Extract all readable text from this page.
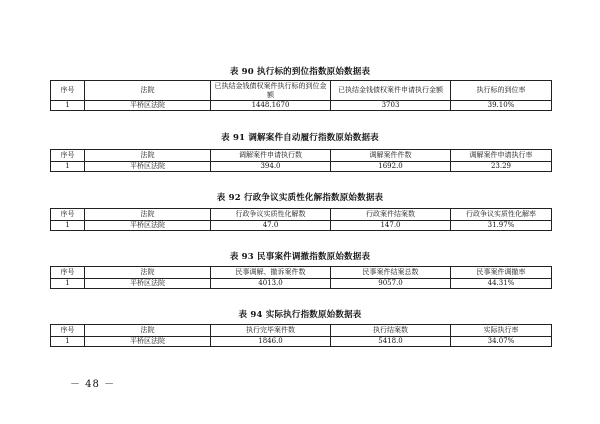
表 90 执行标的到位指数原始数据表
序号	法院	已执结金钱债权案件执行标的到位金额	已执结金钱债权案件申请执行金额	执行标的到位率
1	平桥区法院	1448.1670	3703	39.10%
表 91 调解案件自动履行指数原始数据表
序号	法院	调解案件申请执行数	调解案件件数	调解案件申请执行率
1	平桥区法院	394.0	1692.0	23.29
表 92 行政争议实质性化解指数原始数据表
序号	法院	行政争议实质性化解数	行政案件结案数	行政争议实质性化解率
1	平桥区法院	47.0	147.0	31.97%
表 93 民事案件调撤指数原始数据表
序号	法院	民事调解、撤诉案件数	民事案件结案总数	民事案件调撤率
1	平桥区法院	4013.0	9057.0	44.31%
表 94 实际执行指数原始数据表
序号	法院	执行完毕案件数	执行结案数	实际执行率
1	平桥区法院	1846.0	5418.0	34.07%
－ 48 －
